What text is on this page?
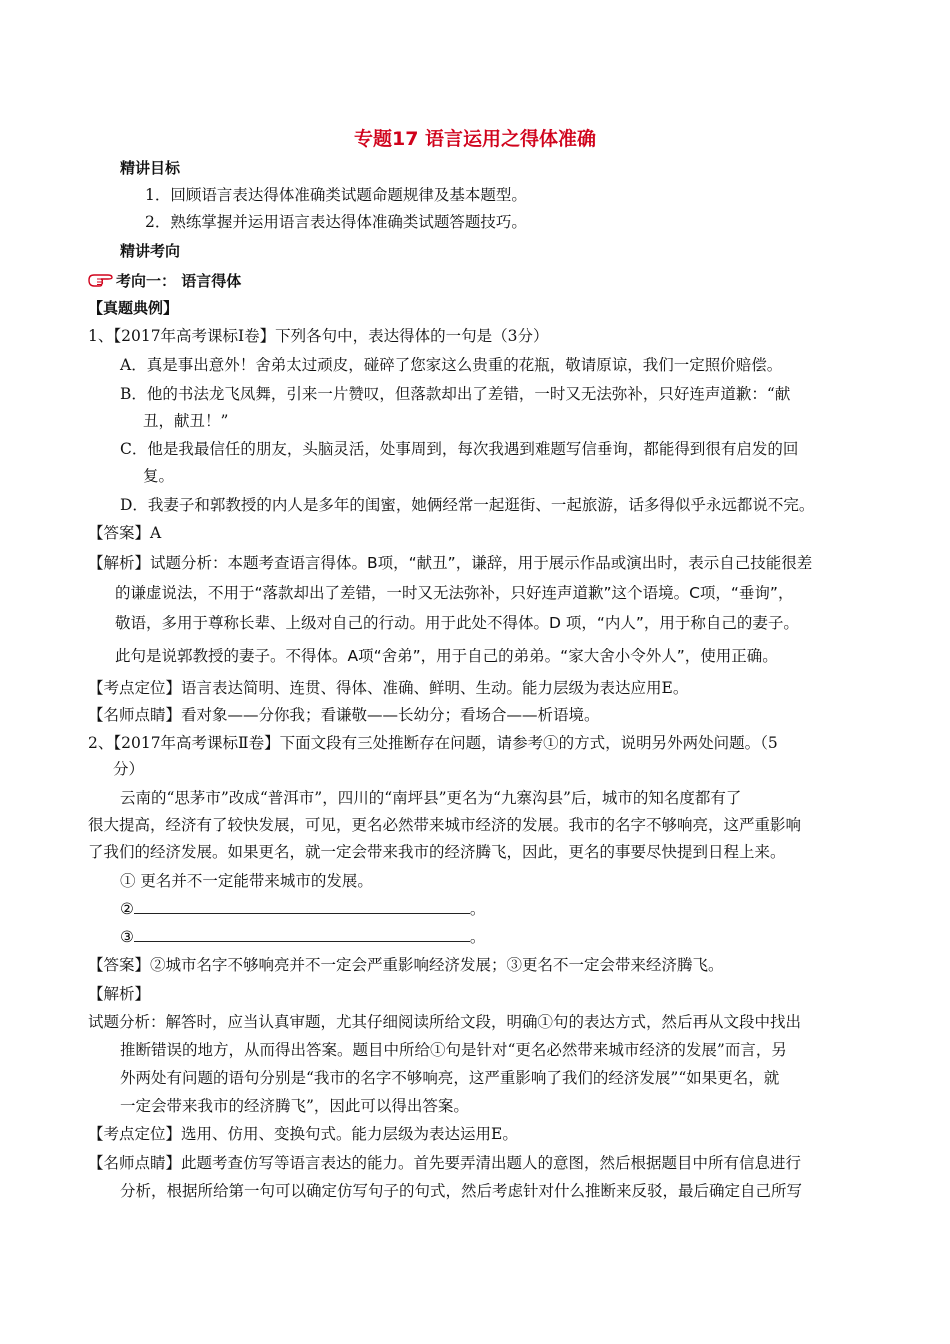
专题17 语言运用之得体准确
精讲目标
1．回顾语言表达得体准确类试题命题规律及基本题型。
2．熟练掌握并运用语言表达得体准确类试题答题技巧。
精讲考向
考向一： 语言得体
【真题典例】
1、【2017年高考课标Ⅰ卷】下列各句中，表达得体的一句是（3分）
A．真是事出意外！舍弟太过顽皮，碰碎了您家这么贵重的花瓶，敬请原谅，我们一定照价赔偿。
B．他的书法龙飞凤舞，引来一片赞叹，但落款却出了差错，一时又无法弥补，只好连声道歉：“献
丑，献丑！”
C．他是我最信任的朋友，头脑灵活，处事周到，每次我遇到难题写信垂询，都能得到很有启发的回
复。
D．我妻子和郭教授的内人是多年的闺蜜，她俩经常一起逛街、一起旅游，话多得似乎永远都说不完。
【答案】A
【解析】试题分析：本题考查语言得体。B项，“献丑”，谦辞，用于展示作品或演出时，表示自己技能很差
的谦虚说法，不用于“落款却出了差错，一时又无法弥补，只好连声道歉”这个语境。C项，“垂询”，
敬语，多用于尊称长辈、上级对自己的行动。用于此处不得体。D 项，“内人”，用于称自己的妻子。
此句是说郭教授的妻子。不得体。A项“舍弟”，用于自己的弟弟。“家大舍小令外人”，使用正确。
【考点定位】语言表达简明、连贯、得体、准确、鲜明、生动。能力层级为表达应用E。
【名师点睛】看对象——分你我；看谦敬——长幼分；看场合——析语境。
2、【2017年高考课标Ⅱ卷】下面文段有三处推断存在问题，请参考①的方式，说明另外两处问题。（5
分）
云南的“思茅市”改成“普洱市”，四川的“南坪县”更名为“九寨沟县”后，城市的知名度都有了
很大提高，经济有了较快发展，可见，更名必然带来城市经济的发展。我市的名字不够响亮，这严重影响
了我们的经济发展。如果更名，就一定会带来我市的经济腾飞，因此，更名的事要尽快提到日程上来。
① 更名并不一定能带来城市的发展。
②	。
③	。
【答案】②城市名字不够响亮并不一定会严重影响经济发展；③更名不一定会带来经济腾飞。
【解析】
试题分析：解答时，应当认真审题，尤其仔细阅读所给文段，明确①句的表达方式，然后再从文段中找出
推断错误的地方，从而得出答案。题目中所给①句是针对“更名必然带来城市经济的发展”而言，另
外两处有问题的语句分别是“我市的名字不够响亮，这严重影响了我们的经济发展”“如果更名，就
一定会带来我市的经济腾飞”，因此可以得出答案。
【考点定位】选用、仿用、变换句式。能力层级为表达运用E。
【名师点睛】此题考查仿写等语言表达的能力。首先要弄清出题人的意图，然后根据题目中所有信息进行
分析，根据所给第一句可以确定仿写句子的句式，然后考虑针对什么推断来反驳，最后确定自己所写
